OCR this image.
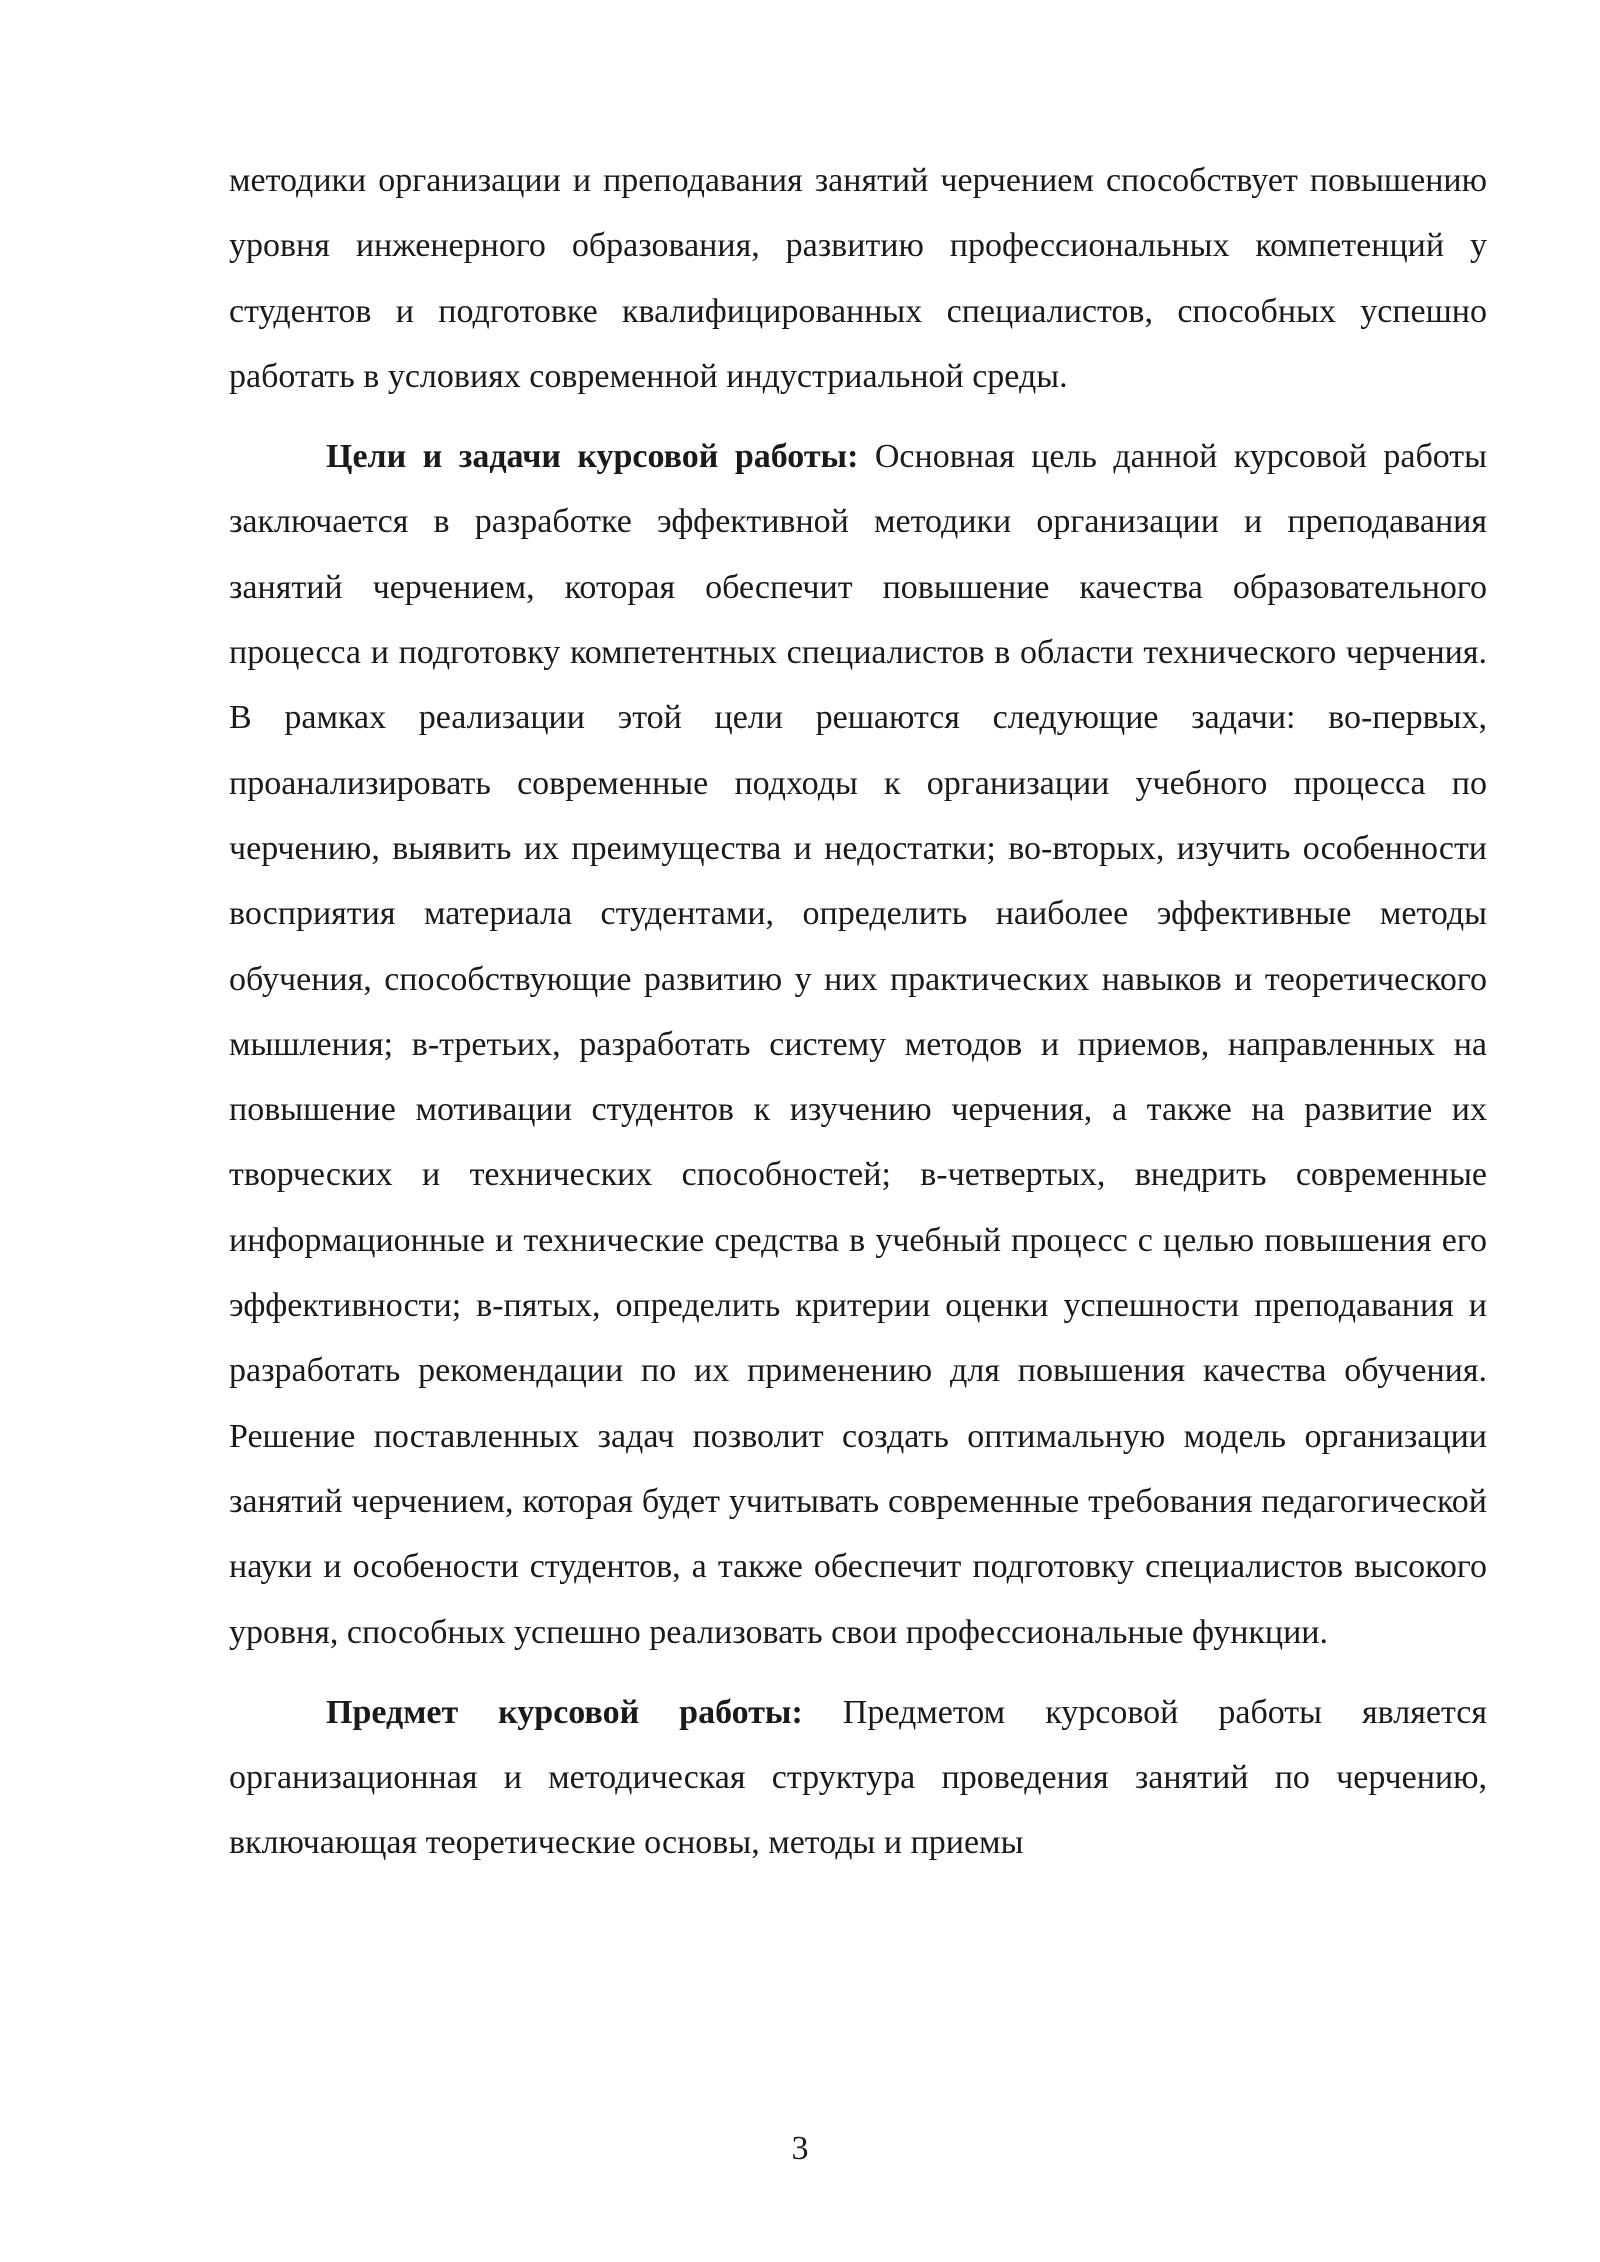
методики организации и преподавания занятий черчением способствует повышению уровня инженерного образования, развитию профессиональных компетенций у студентов и подготовке квалифицированных специалистов, способных успешно работать в условиях современной индустриальной среды.

Цели и задачи курсовой работы: Основная цель данной курсовой работы заключается в разработке эффективной методики организации и преподавания занятий черчением, которая обеспечит повышение качества образовательного процесса и подготовку компетентных специалистов в области технического черчения. В рамках реализации этой цели решаются следующие задачи: во-первых, проанализировать современные подходы к организации учебного процесса по черчению, выявить их преимущества и недостатки; во-вторых, изучить особенности восприятия материала студентами, определить наиболее эффективные методы обучения, способствующие развитию у них практических навыков и теоретического мышления; в-третьих, разработать систему методов и приемов, направленных на повышение мотивации студентов к изучению черчения, а также на развитие их творческих и технических способностей; в-четвертых, внедрить современные информационные и технические средства в учебный процесс с целью повышения его эффективности; в-пятых, определить критерии оценки успешности преподавания и разработать рекомендации по их применению для повышения качества обучения. Решение поставленных задач позволит создать оптимальную модель организации занятий черчением, которая будет учитывать современные требования педагогической науки и особености студентов, а также обеспечит подготовку специалистов высокого уровня, способных успешно реализовать свои профессиональные функции.

Предмет курсовой работы: Предметом курсовой работы является организационная и методическая структура проведения занятий по черчению, включающая теоретические основы, методы и приемы

3
